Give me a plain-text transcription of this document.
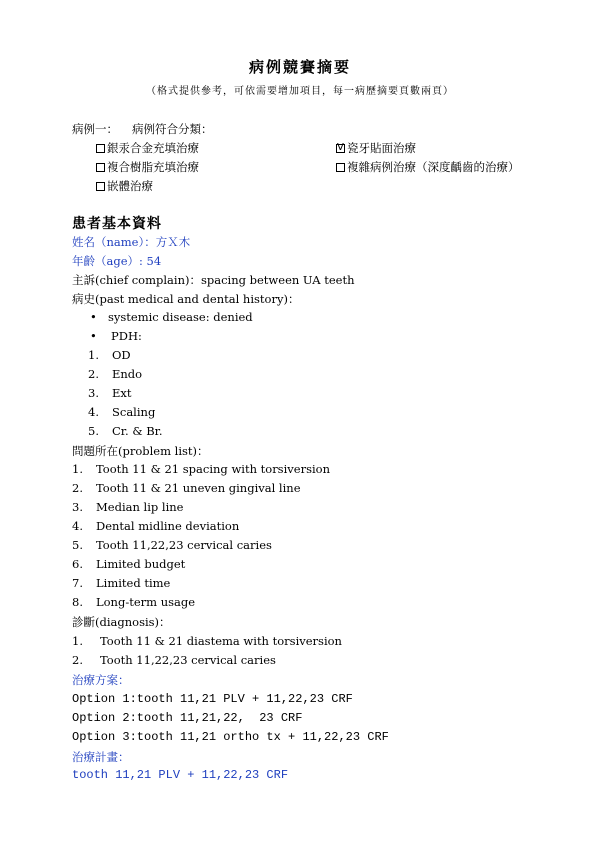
病例競賽摘要
（格式提供參考，可依需要增加項目，每一病歷摘要頁數兩頁）
病例一： 病例符合分類：
銀汞合金充填治療
V	瓷牙貼面治療
複合樹脂充填治療	複雜病例治療（深度齲齒的治療）
嵌體治療
患者基本資料
姓名（name）：方Ｘ木
年齡（age）: 54
主訴(chief complain)：spacing between UA teeth
病史(past medical and dental history)：
• systemic disease: denied
• PDH:
1. OD
2. Endo
3. Ext
4. Scaling
5. Cr. & Br.
問題所在(problem list)：
1. Tooth 11 & 21 spacing with torsiversion
2. Tooth 11 & 21 uneven gingival line
3. Median lip line
4. Dental midline deviation
5. Tooth 11,22,23 cervical caries
6. Limited budget
7. Limited time
8. Long-term usage
診斷(diagnosis)：
1. Tooth 11 & 21 diastema with torsiversion
2. Tooth 11,22,23 cervical caries
治療方案：
Option 1:tooth 11,21 PLV + 11,22,23 CRF
Option 2:tooth 11,21,22,  23 CRF
Option 3:tooth 11,21 ortho tx + 11,22,23 CRF
治療計畫：
tooth 11,21 PLV + 11,22,23 CRF
